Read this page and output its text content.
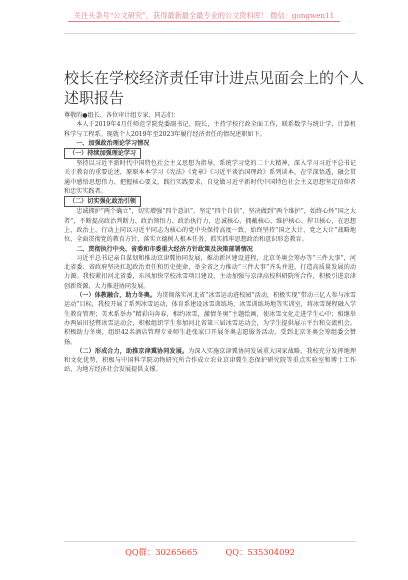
关注头条号“公文研究”，获得最新最全最专业的公文资料库！ 微信：gongwen11
校长在学校经济责任审计进点见面会上的个人述职报告

尊敬的●组长、各位审计组专家、同志们：

本人于2019年4月任师范学院党委副书记、院长，主持学校行政全面工作，联系数学与统计学、计算机科学与工程系。现就个人2019年至2023年履行经济责任的情况述职如下。

一、加强政治理论学习情况

（一）持续加强理论学习

坚持以习近平新时代中国特色社会主义思想为指导，系统学习党的二十大精神，深入学习习近平总书记关于教育的重要论述，原原本本学习《宪法》《党章》《习近平谈治国理政》系列读本，在学深悟透、融会贯通中感悟思想伟力、把握核心要义、践行实践要求，自觉做习近平新时代中国特色社会主义思想坚定信仰者和忠实实践者。

（二）切实强化政治引领

忠诚拥护“两个确立”，切实增强“四个意识”，坚定“四个自信”，坚决做到“两个维护”，始终心怀“国之大者”，不断提高政治判断力、政治领悟力、政治执行力，忠诚核心、拥戴核心、维护核心、捍卫核心，在思想上、政治上、行动上同以习近平同志为核心的党中央保持高度一致，始终坚持“国之大计、党之大计”战略地位，全面贯彻党的教育方针，落实立德树人根本任务，抓实抓牢思想政治和意识形态教育。

二、贯彻执行中央、省委和市委重大经济方针政策及决策部署情况

习近平总书记亲自谋划和推动京津冀协同发展，推动新区建设进程，北京冬奥会筹办等“三件大事”，河北省委、省政府坚决扛起政治责任和历史使命，举全省之力推动“三件大事”齐头并进，打造高质量发展的动力源。我校紧扣河北省委，东风加快学校冰雪项目建设，主动加强与京津高校科研院所合作，积极引进京津创新资源，大力推进协同发展。

（一）体教融合，助力冬奥。为贯彻落实河北省“冰雪运动进校园”活动，积极实现“带动三亿人参与冰雪运动”目标，我校开展了系列冰雪运动，体育系建设冰雪训练场、冰雪训练场地等实训室，将冰雪课程融入学生教育管理；美术系举办“精彩向奔春，相约冰雪，激情冬奥”主题绘画，使冰雪文化走进学生心中；相继举办两届田径暨冰雪运动会，积极组织学生参加河北省第三届冰雪运动会，为学生提供展示平台和交流机会。积极助力冬奥，组织42名酒店管理专业师生赴张家口开展冬奥志愿服务活动，受到北京冬奥会筹组委会赞扬。

（二）形成合力，助推京津冀协同发展。为深入实施京津冀协同发展重大国家战略，我校充分发挥地理和文化优势，积极与中国科学院动物研究所合作成立农业京津冀生态保护研究院等重点实验室和博士工作站，为地方经济社会发展提供支撑。

QQ群：30265665	QQ：535304092
